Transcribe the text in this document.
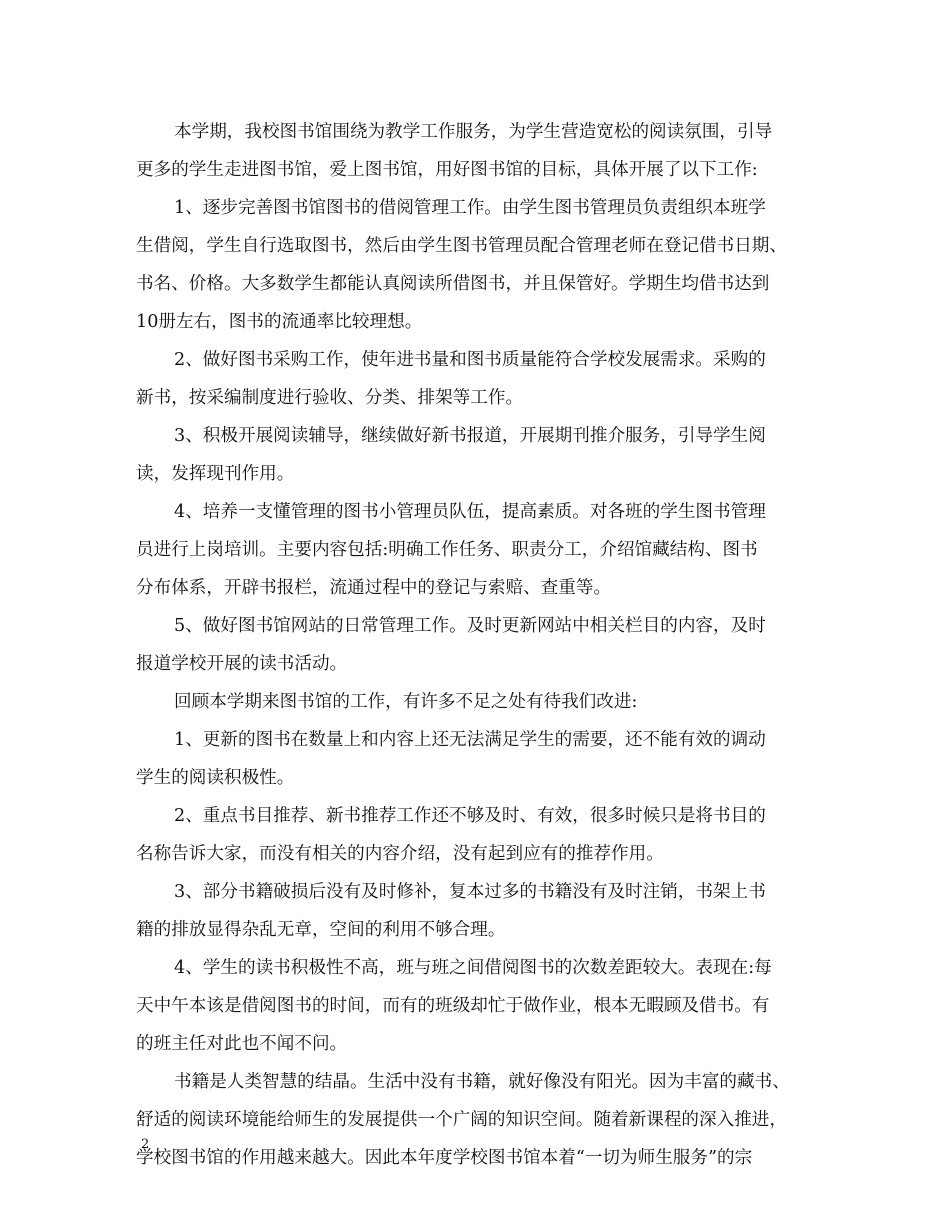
本学期，我校图书馆围绕为教学工作服务，为学生营造宽松的阅读氛围，引导
更多的学生走进图书馆，爱上图书馆，用好图书馆的目标，具体开展了以下工作:
1、逐步完善图书馆图书的借阅管理工作。由学生图书管理员负责组织本班学
生借阅，学生自行选取图书，然后由学生图书管理员配合管理老师在登记借书日期、
书名、价格。大多数学生都能认真阅读所借图书，并且保管好。学期生均借书达到
10册左右，图书的流通率比较理想。
2、做好图书采购工作，使年进书量和图书质量能符合学校发展需求。采购的
新书，按采编制度进行验收、分类、排架等工作。
3、积极开展阅读辅导，继续做好新书报道，开展期刊推介服务，引导学生阅
读，发挥现刊作用。
4、培养一支懂管理的图书小管理员队伍，提高素质。对各班的学生图书管理
员进行上岗培训。主要内容包括:明确工作任务、职责分工，介绍馆藏结构、图书
分布体系，开辟书报栏，流通过程中的登记与索赔、查重等。
5、做好图书馆网站的日常管理工作。及时更新网站中相关栏目的内容，及时
报道学校开展的读书活动。
回顾本学期来图书馆的工作，有许多不足之处有待我们改进:
1、更新的图书在数量上和内容上还无法满足学生的需要，还不能有效的调动
学生的阅读积极性。
2、重点书目推荐、新书推荐工作还不够及时、有效，很多时候只是将书目的
名称告诉大家，而没有相关的内容介绍，没有起到应有的推荐作用。
3、部分书籍破损后没有及时修补，复本过多的书籍没有及时注销，书架上书
籍的排放显得杂乱无章，空间的利用不够合理。
4、学生的读书积极性不高，班与班之间借阅图书的次数差距较大。表现在:每
天中午本该是借阅图书的时间，而有的班级却忙于做作业，根本无暇顾及借书。有
的班主任对此也不闻不问。
书籍是人类智慧的结晶。生活中没有书籍，就好像没有阳光。因为丰富的藏书、
舒适的阅读环境能给师生的发展提供一个广阔的知识空间。随着新课程的深入推进，
学校图书馆的作用越来越大。因此本年度学校图书馆本着“一切为师生服务”的宗
2
